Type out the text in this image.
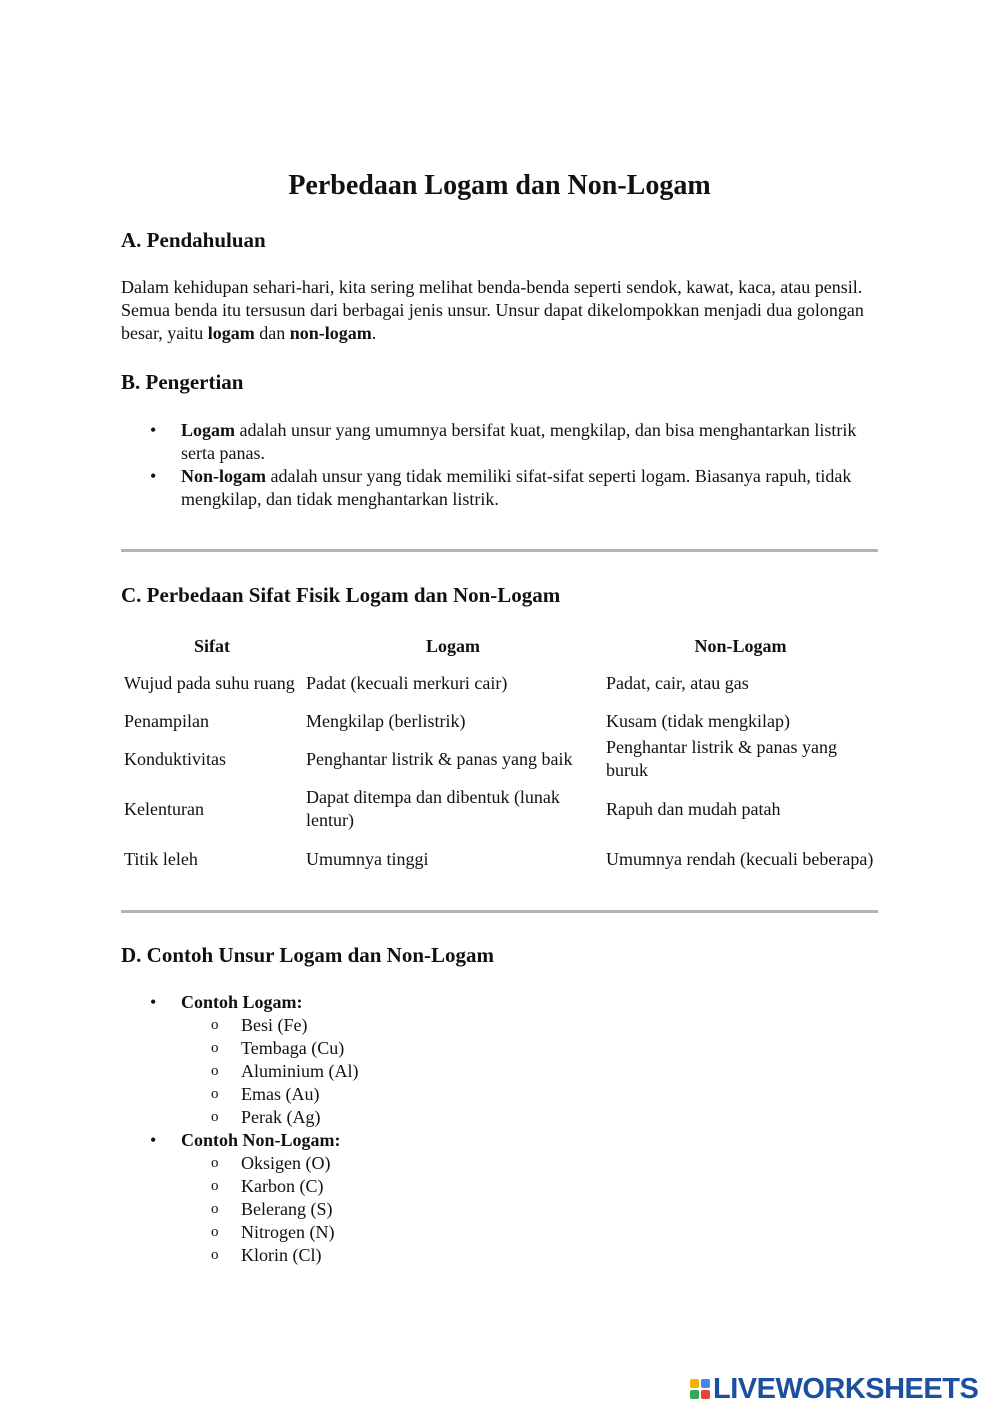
Perbedaan Logam dan Non-Logam
A. Pendahuluan

Dalam kehidupan sehari-hari, kita sering melihat benda-benda seperti sendok, kawat, kaca, atau pensil. Semua benda itu tersusun dari berbagai jenis unsur. Unsur dapat dikelompokkan menjadi dua golongan besar, yaitu logam dan non-logam.

B. Pengertian
• Logam adalah unsur yang umumnya bersifat kuat, mengkilap, dan bisa menghantarkan listrik serta panas.
• Non-logam adalah unsur yang tidak memiliki sifat-sifat seperti logam. Biasanya rapuh, tidak mengkilap, dan tidak menghantarkan listrik.
C. Perbedaan Sifat Fisik Logam dan Non-Logam
Sifat	Logam	Non-Logam
Wujud pada suhu ruang	Padat (kecuali merkuri cair)	Padat, cair, atau gas
Penampilan	Mengkilap (berlistrik)	Kusam (tidak mengkilap)
Konduktivitas	Penghantar listrik & panas yang baik	Penghantar listrik & panas yang buruk
Kelenturan	Dapat ditempa dan dibentuk (lunak lentur)	Rapuh dan mudah patah
Titik leleh	Umumnya tinggi	Umumnya rendah (kecuali beberapa)
D. Contoh Unsur Logam dan Non-Logam
• Contoh Logam:
o Besi (Fe)
o Tembaga (Cu)
o Aluminium (Al)
o Emas (Au)
o Perak (Ag)
• Contoh Non-Logam:
o Oksigen (O)
o Karbon (C)
o Belerang (S)
o Nitrogen (N)
o Klorin (Cl)
LIVEWORKSHEETS
